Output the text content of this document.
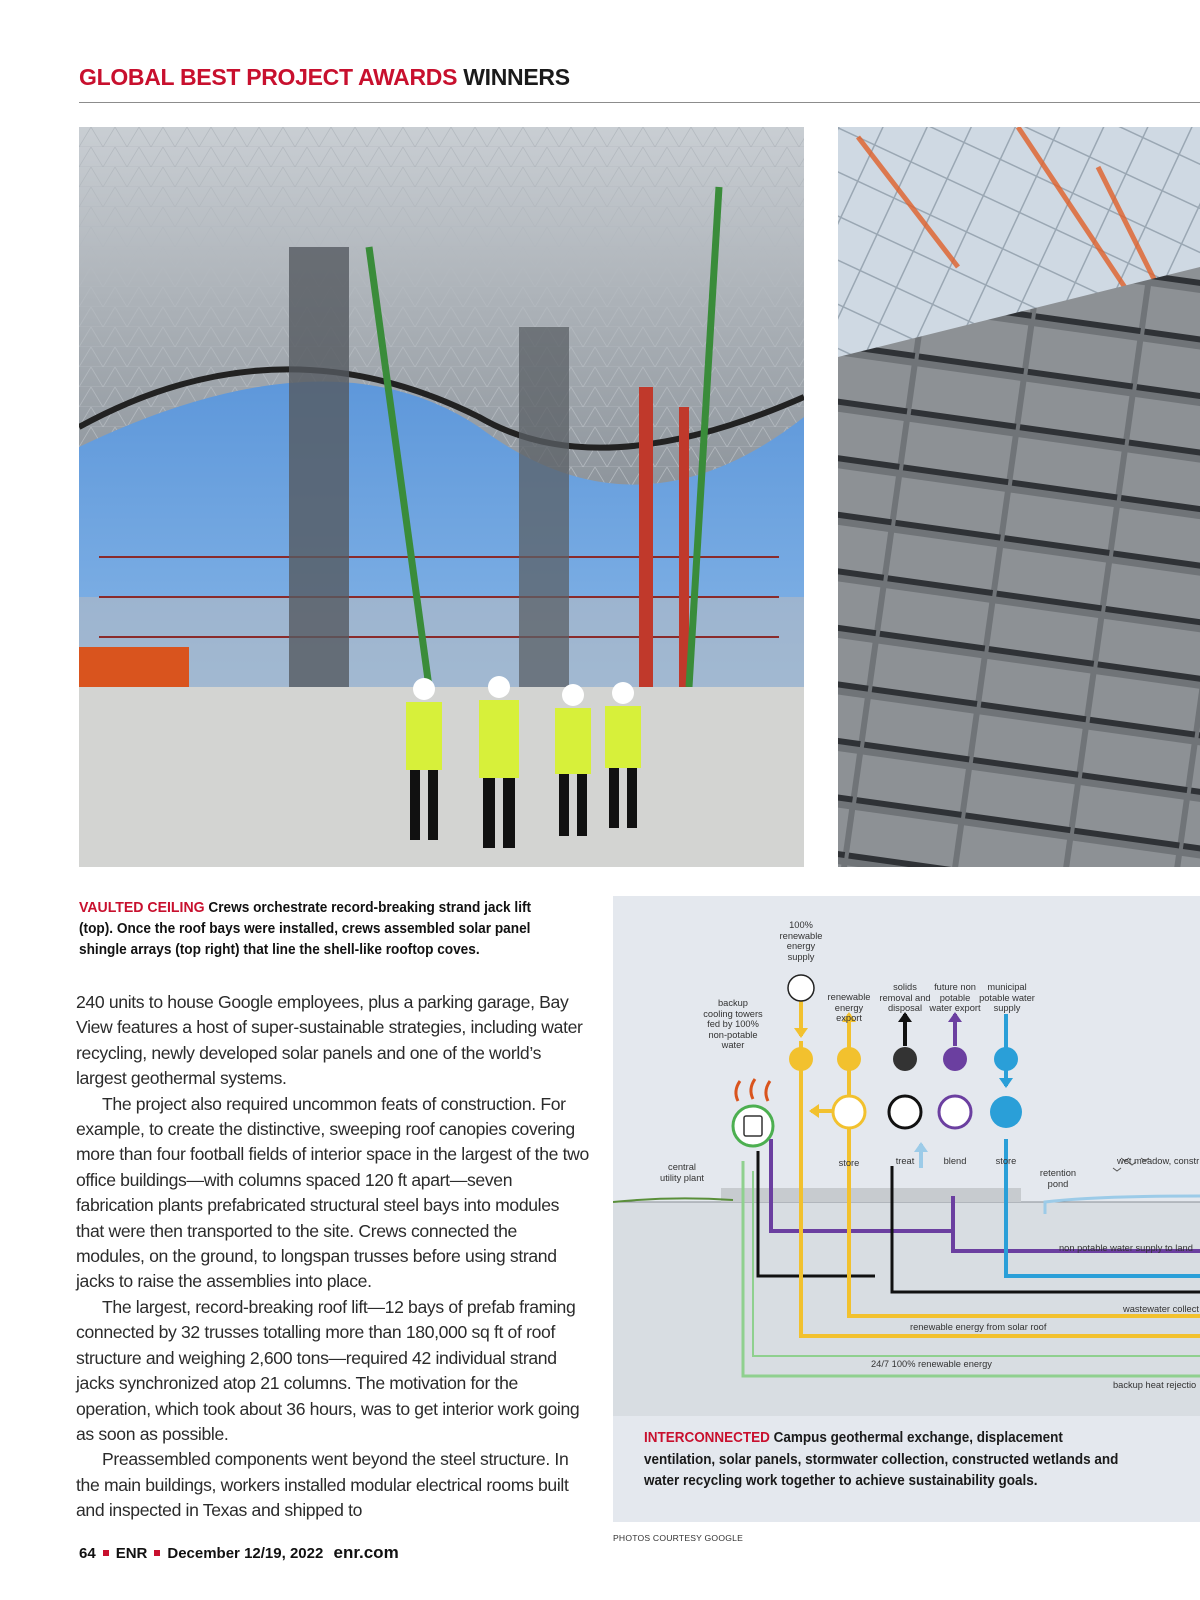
GLOBAL BEST PROJECT AWARDS WINNERS
VAULTED CEILING Crews orchestrate record-breaking strand jack lift (top). Once the roof bays were installed, crews assembled solar panel shingle arrays (top right) that line the shell-like rooftop coves.

240 units to house Google employees, plus a parking garage, Bay View features a host of super-sustainable strategies, including water recycling, newly developed solar panels and one of the world’s largest geothermal systems.

The project also required uncommon feats of construction. For example, to create the distinctive, sweeping roof canopies covering more than four football fields of interior space in the largest of the two office buildings—with columns spaced 120 ft apart—seven fabrication plants prefabricated structural steel bays into modules that were then transported to the site. Crews connected the modules, on the ground, to longspan trusses before using strand jacks to raise the assemblies into place.

The largest, record-breaking roof lift—12 bays of prefab framing connected by 32 trusses totalling more than 180,000 sq ft of roof structure and weighing 2,600 tons—required 42 individual strand jacks synchronized atop 21 columns. The motivation for the operation, which took about 36 hours, was to get interior work going as soon as possible.

Preassembled components went beyond the steel structure. In the main buildings, workers installed modular electrical rooms built and inspected in Texas and shipped to

100% renewable energy supply
backup cooling towers fed by 100% non-potable water
renewable energy export
solids removal and disposal
future non potable water export
municipal potable water supply
store	treat	blend	store
central utility plant	retention pond
wet meadow, constr
non potable water supply to land
wastewater collect
renewable energy from solar roof
24/7 100% renewable energy
backup heat rejectio
INTERCONNECTED Campus geothermal exchange, displacement ventilation, solar panels, stormwater collection, constructed wetlands and water recycling work together to achieve sustainability goals.
PHOTOS COURTESY GOOGLE
64 ENR December 12/19, 2022 enr.com
